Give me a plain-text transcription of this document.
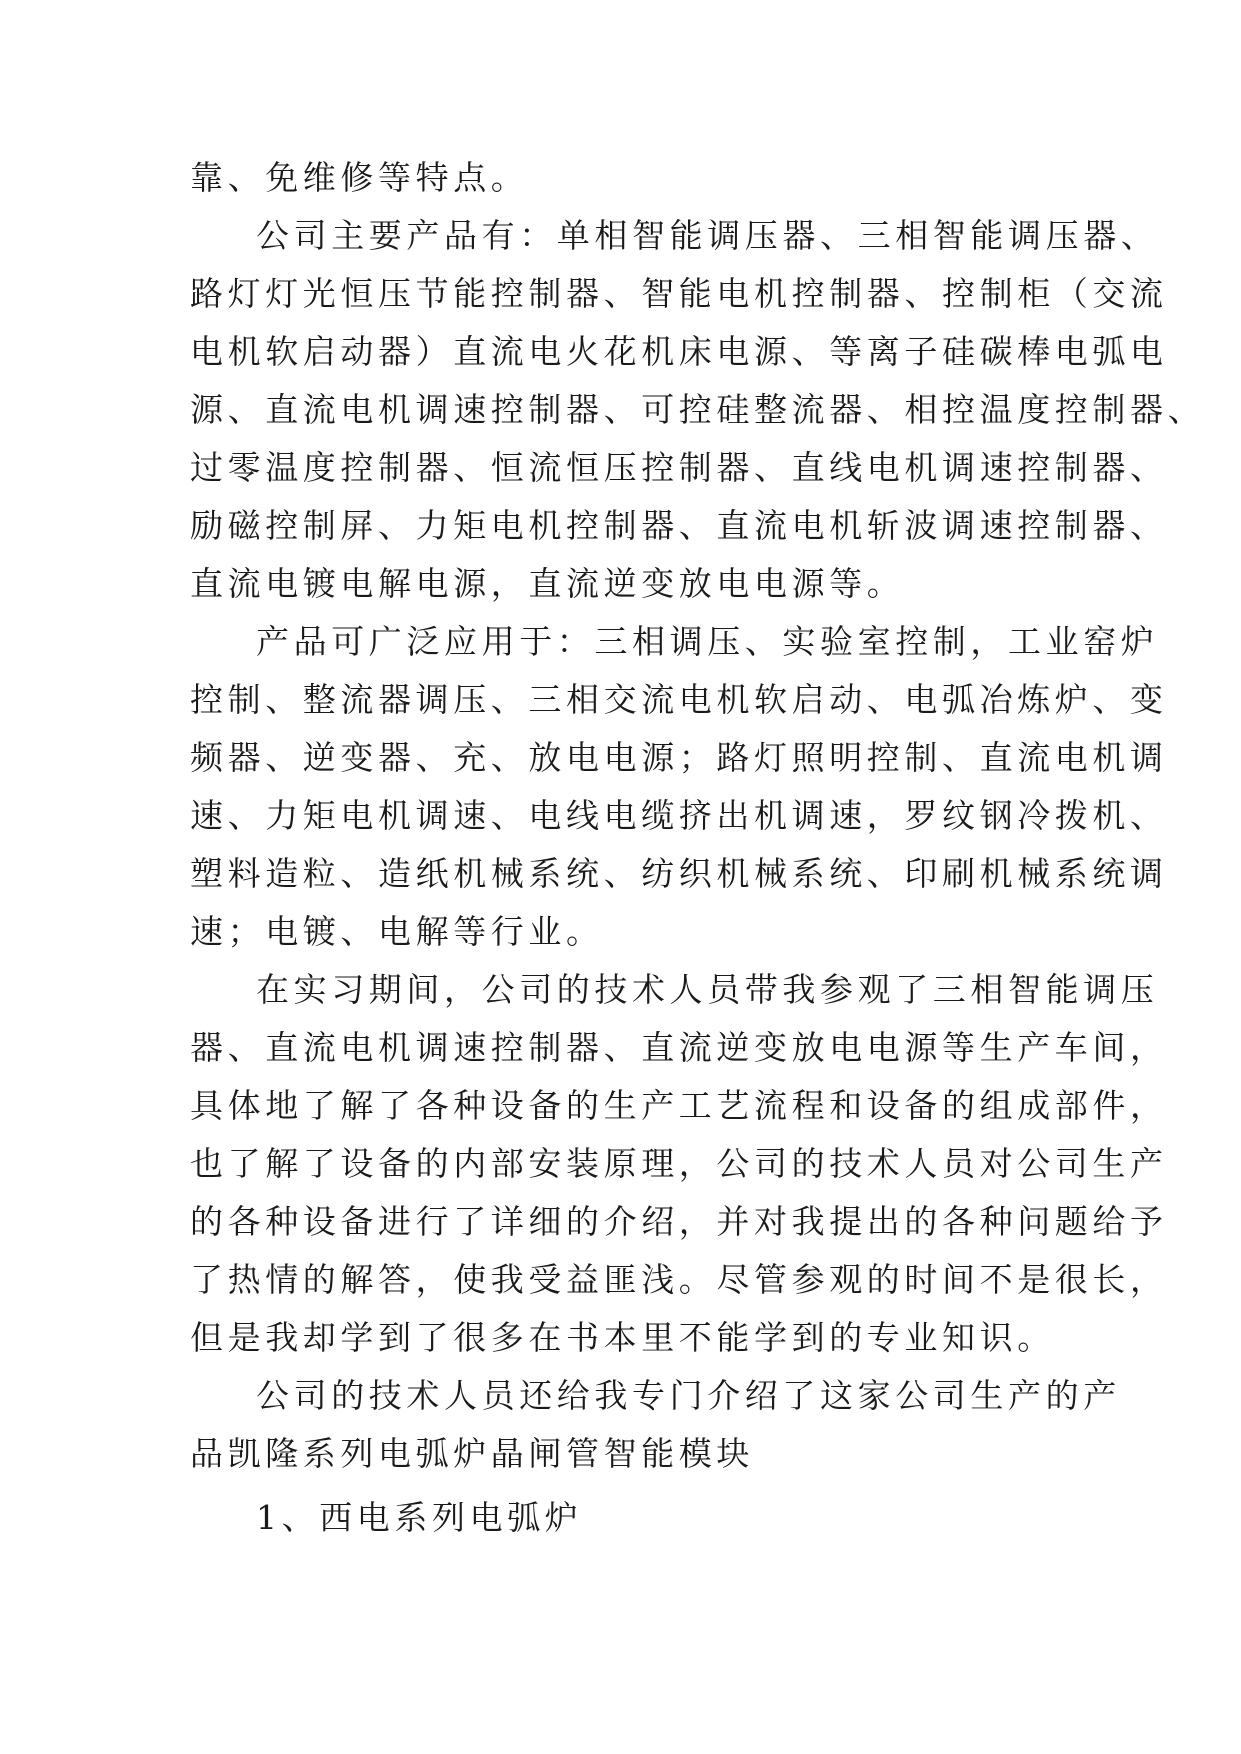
靠、免维修等特点。
公司主要产品有：单相智能调压器、三相智能调压器、
路灯灯光恒压节能控制器、智能电机控制器、控制柜（交流
电机软启动器）直流电火花机床电源、等离子硅碳棒电弧电
源、直流电机调速控制器、可控硅整流器、相控温度控制器、
过零温度控制器、恒流恒压控制器、直线电机调速控制器、
励磁控制屏、力矩电机控制器、直流电机斩波调速控制器、
直流电镀电解电源，直流逆变放电电源等。
产品可广泛应用于：三相调压、实验室控制，工业窑炉
控制、整流器调压、三相交流电机软启动、电弧冶炼炉、变
频器、逆变器、充、放电电源；路灯照明控制、直流电机调
速、力矩电机调速、电线电缆挤出机调速，罗纹钢冷拨机、
塑料造粒、造纸机械系统、纺织机械系统、印刷机械系统调
速；电镀、电解等行业。
在实习期间，公司的技术人员带我参观了三相智能调压
器、直流电机调速控制器、直流逆变放电电源等生产车间，
具体地了解了各种设备的生产工艺流程和设备的组成部件，
也了解了设备的内部安装原理，公司的技术人员对公司生产
的各种设备进行了详细的介绍，并对我提出的各种问题给予
了热情的解答，使我受益匪浅。尽管参观的时间不是很长，
但是我却学到了很多在书本里不能学到的专业知识。
公司的技术人员还给我专门介绍了这家公司生产的产
品凯隆系列电弧炉晶闸管智能模块
1、西电系列电弧炉
